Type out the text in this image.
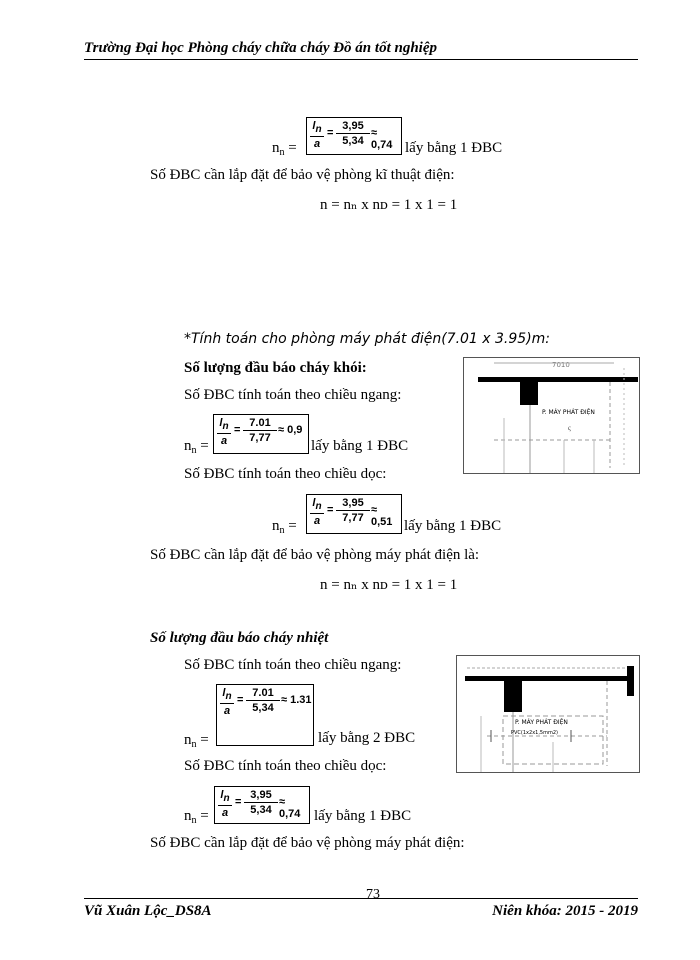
Trường Đại học Phòng cháy chữa cháy Đồ án tốt nghiệp
$n_n$ =
ln
a
= $\frac{3,95}{5,34} \approx 0,74$ lấy bằng 1 ĐBC
Số ĐBC cần lắp đặt để bảo vệ phòng kĩ thuật điện:
n = nₙ x nᴅ = 1 x 1 = 1
*Tính toán cho phòng máy phát điện(7.01 x 3.95)m:
Số lượng đầu báo cháy khói:
Số ĐBC tính toán theo chiều ngang:
$n_n$ =
ln
a
= $\frac{7.01}{7,77} \approx 0,9$
lấy bằng 1 ĐBC
Số ĐBC tính toán theo chiều dọc:
$n_n$ =
ln
a
= $\frac{3,95}{7,77} \approx 0,51$ lấy bằng 1 ĐBC
Số ĐBC cần lắp đặt để bảo vệ phòng máy phát điện là:
n = nₙ x nᴅ = 1 x 1 = 1
7010
P. MÁY PHÁT ĐIỆN
ς
Số lượng đầu báo cháy nhiệt
Số ĐBC tính toán theo chiều ngang:
$n_n$ =
ln
a
= $\frac{7.01}{5,34} \approx 1.31$
lấy bằng 2 ĐBC
Số ĐBC tính toán theo chiều dọc:
$n_n$ =
ln
a
= $\frac{3,95}{5,34} \approx 0,74$ lấy bằng 1 ĐBC
Số ĐBC cần lắp đặt để bảo vệ phòng máy phát điện:
P. MÁY PHÁT ĐIỆN
PVC(1x2x1,5mm2)
73
Vũ Xuân Lộc_DS8A	Niên khóa: 2015 - 2019
